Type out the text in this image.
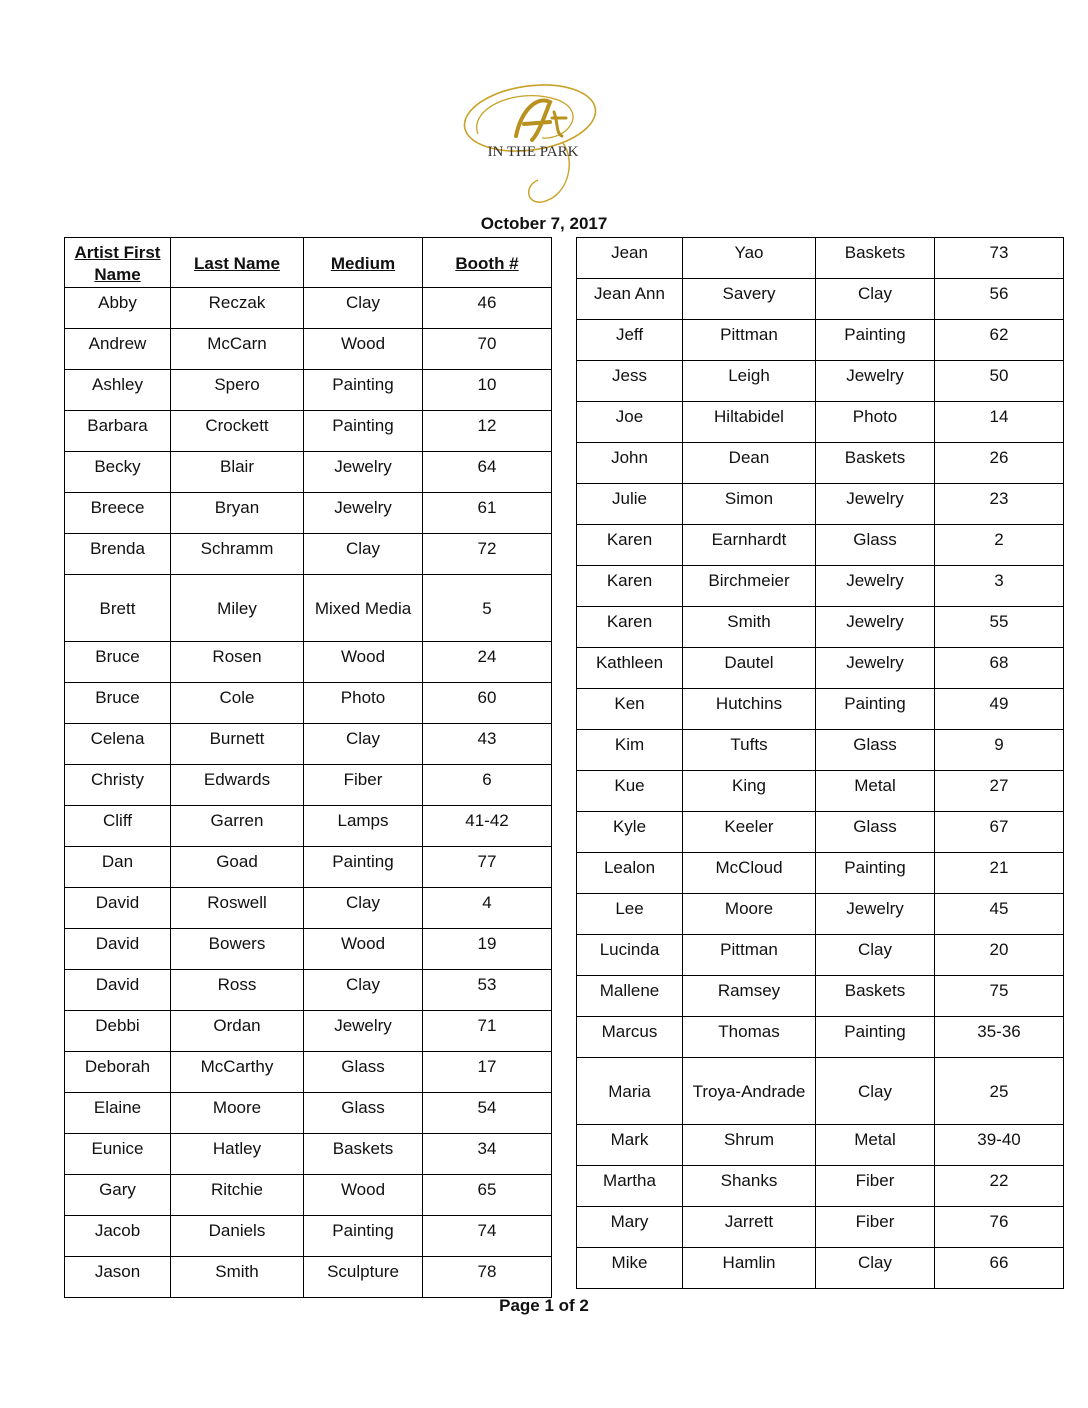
IN THE PARK
October 7, 2017
Artist First Name	Last Name	Medium	Booth #
Abby	Reczak	Clay	46
Andrew	McCarn	Wood	70
Ashley	Spero	Painting	10
Barbara	Crockett	Painting	12
Becky	Blair	Jewelry	64
Breece	Bryan	Jewelry	61
Brenda	Schramm	Clay	72
Brett	Miley	Mixed Media	5
Bruce	Rosen	Wood	24
Bruce	Cole	Photo	60
Celena	Burnett	Clay	43
Christy	Edwards	Fiber	6
Cliff	Garren	Lamps	41-42
Dan	Goad	Painting	77
David	Roswell	Clay	4
David	Bowers	Wood	19
David	Ross	Clay	53
Debbi	Ordan	Jewelry	71
Deborah	McCarthy	Glass	17
Elaine	Moore	Glass	54
Eunice	Hatley	Baskets	34
Gary	Ritchie	Wood	65
Jacob	Daniels	Painting	74
Jason	Smith	Sculpture	78
Jean	Yao	Baskets	73
Jean Ann	Savery	Clay	56
Jeff	Pittman	Painting	62
Jess	Leigh	Jewelry	50
Joe	Hiltabidel	Photo	14
John	Dean	Baskets	26
Julie	Simon	Jewelry	23
Karen	Earnhardt	Glass	2
Karen	Birchmeier	Jewelry	3
Karen	Smith	Jewelry	55
Kathleen	Dautel	Jewelry	68
Ken	Hutchins	Painting	49
Kim	Tufts	Glass	9
Kue	King	Metal	27
Kyle	Keeler	Glass	67
Lealon	McCloud	Painting	21
Lee	Moore	Jewelry	45
Lucinda	Pittman	Clay	20
Mallene	Ramsey	Baskets	75
Marcus	Thomas	Painting	35-36
Maria	Troya-Andrade	Clay	25
Mark	Shrum	Metal	39-40
Martha	Shanks	Fiber	22
Mary	Jarrett	Fiber	76
Mike	Hamlin	Clay	66
Page 1 of 2
